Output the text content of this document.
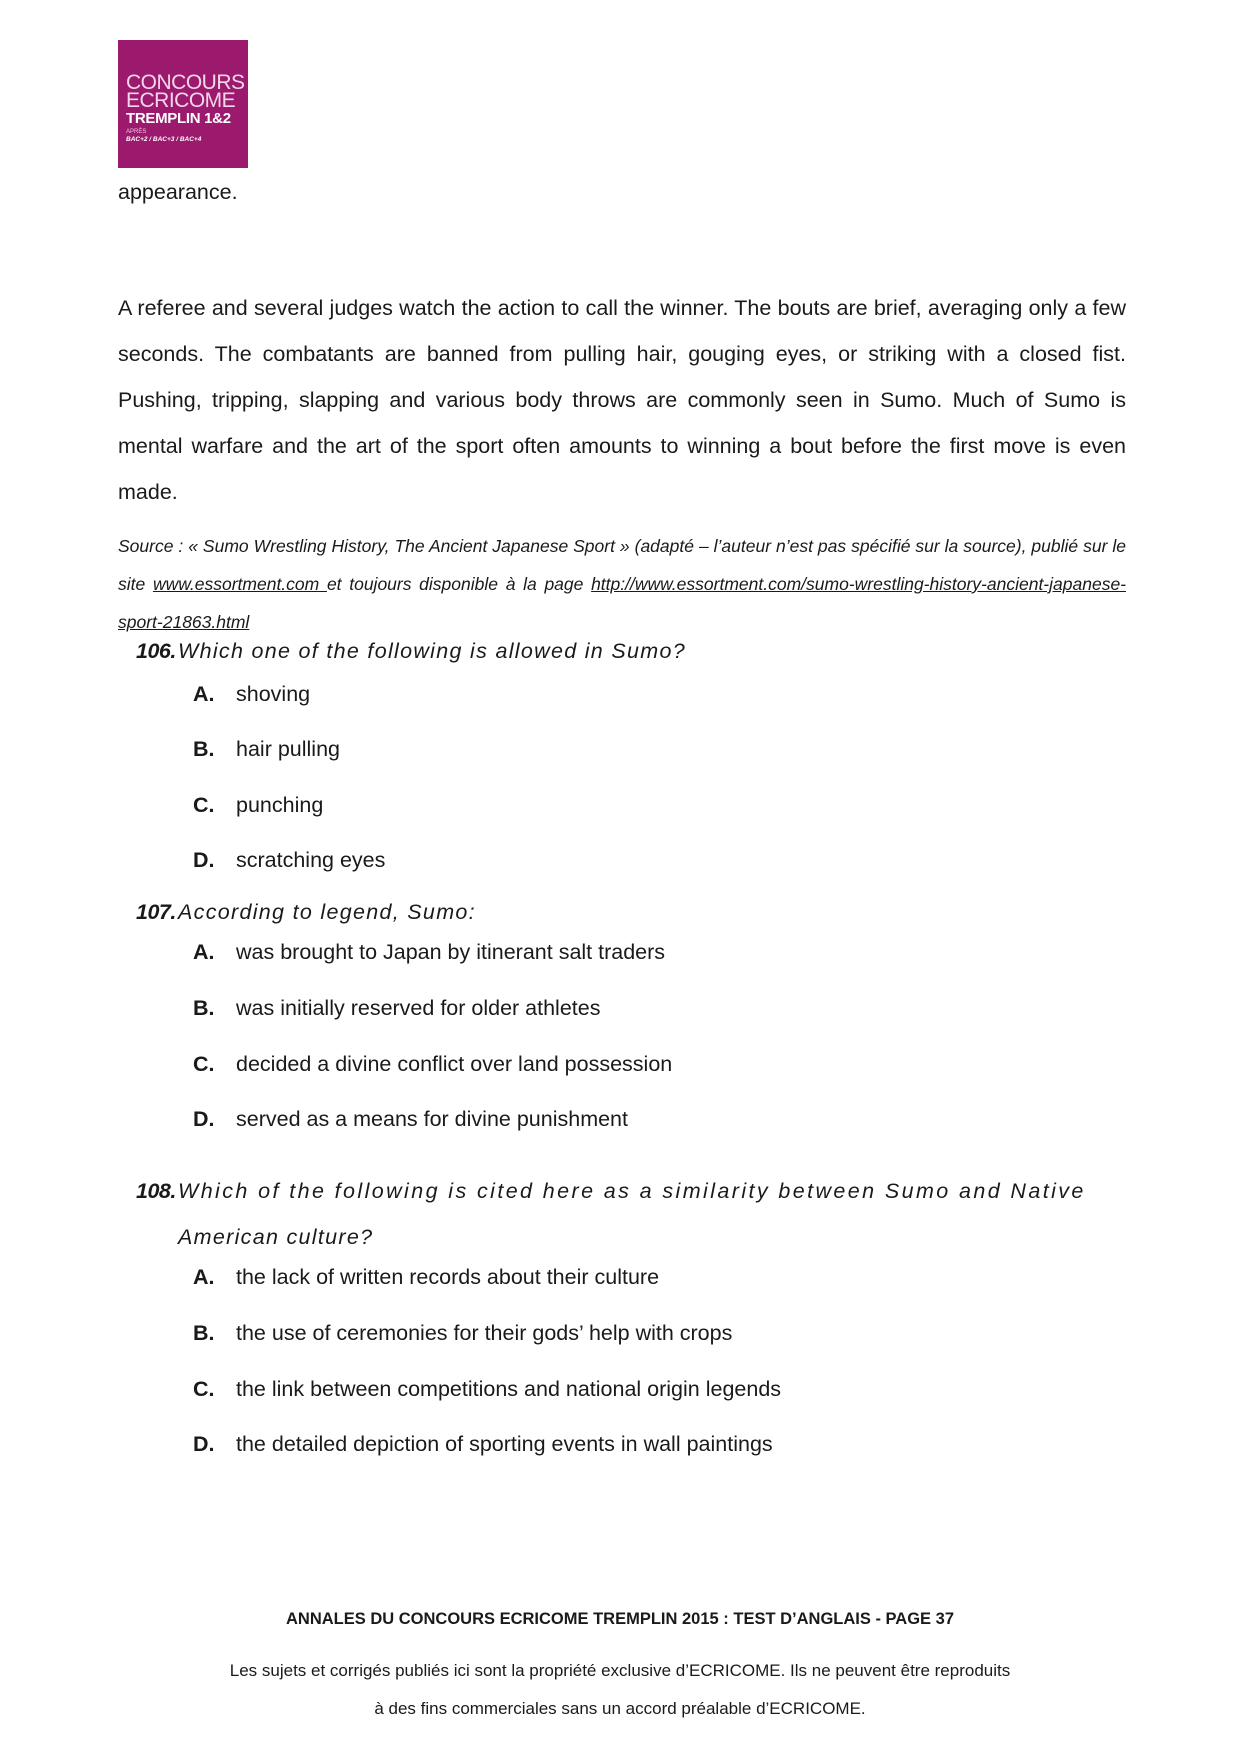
CONCOURS
ECRICOME
TREMPLIN 1&2
APRÈS
BAC+2 / BAC+3 / BAC+4
appearance.
A referee and several judges watch the action to call the winner. The bouts are brief, averaging only a few seconds. The combatants are banned from pulling hair, gouging eyes, or striking with a closed fist. Pushing, tripping, slapping and various body throws are commonly seen in Sumo. Much of Sumo is mental warfare and the art of the sport often amounts to winning a bout before the first move is even made.
Source : « Sumo Wrestling History, The Ancient Japanese Sport » (adapté – l’auteur n’est pas spécifié sur la source), publié sur le site www.essortment.com et toujours disponible à la page http://www.essortment.com/sumo-wrestling-history-ancient-japanese-sport-21863.html
106. Which one of the following is allowed in Sumo?
A.	shoving
B.	hair pulling
C.	punching
D.	scratching eyes
107. According to legend, Sumo:
A.	was brought to Japan by itinerant salt traders
B.	was initially reserved for older athletes
C.	decided a divine conflict over land possession
D.	served as a means for divine punishment
108. Which of the following is cited here as a similarity between Sumo and Native
American culture?
A.	the lack of written records about their culture
B.	the use of ceremonies for their gods’ help with crops
C.	the link between competitions and national origin legends
D.	the detailed depiction of sporting events in wall paintings
ANNALES DU CONCOURS ECRICOME TREMPLIN 2015 : TEST D’ANGLAIS - PAGE 37
Les sujets et corrigés publiés ici sont la propriété exclusive d’ECRICOME. Ils ne peuvent être reproduits
à des fins commerciales sans un accord préalable d’ECRICOME.
